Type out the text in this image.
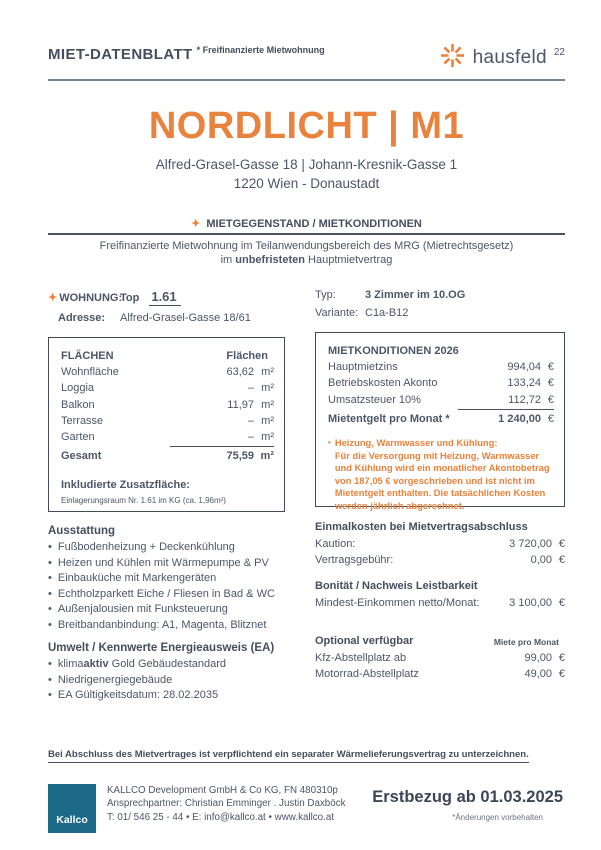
MIET-DATENBLATT $^{* Freifinanzierte Mietwohnung}$	hausfeld 22
NORDLICHT | M1
Alfred-Grasel-Gasse 18 | Johann-Kresnik-Gasse 1
1220 Wien - Donaustadt
✦ MIETGEGENSTAND / MIETKONDITIONEN
Freifinanzierte Mietwohnung im Teilanwendungsbereich des MRG (Mietrechtsgesetz)
im unbefristeten Hauptmietvertrag
✦ WOHNUNG:
Top 1.61
Adresse:	Alfred-Grasel-Gasse 18/61
FLÄCHEN	Flächen
Wohnfläche	63,62 m²
Loggia	– m²
Balkon	11,97 m²
Terrasse	– m²
Garten	– m²
Gesamt	75,59 m²
Inkludierte Zusatzfläche:
Einlagerungsraum Nr. 1.61 im KG (ca. 1,96m²)
Ausstattung
• Fußbodenheizung + Deckenkühlung
• Heizen und Kühlen mit Wärmepumpe & PV
• Einbauküche mit Markengeräten
• Echtholzparkett Eiche / Fliesen in Bad & WC
• Außenjalousien mit Funksteuerung
• Breitbandanbindung: A1, Magenta, Blitznet
Umwelt / Kennwerte Energieausweis (EA)
• klimaaktiv Gold Gebäudestandard
• Niedrigenergiegebäude
• EA Gültigkeitsdatum: 28.02.2035
Typ:	3 Zimmer im 10.OG
Variante: C1a-B12
MIETKONDITIONEN 2026
Hauptmietzins	994,04 €
Betriebskosten Akonto	133,24 €
Umsatzsteuer 10%	112,72 €
Mietentgelt pro Monat *	1 240,00 €
• Heizung, Warmwasser und Kühlung:
Für die Versorgung mit Heizung, Warmwasser und Kühlung wird ein monatlicher Akontobetrag von 187,05 € vorgeschrieben und ist nicht im Mietentgelt enthalten. Die tatsächlichen Kosten werden jährlich abgerechnet.
Einmalkosten bei Mietvertragsabschluss
Kaution:	3 720,00 €
Vertragsgebühr:	0,00 €
Bonität / Nachweis Leistbarkeit
Mindest-Einkommen netto/Monat:	3 100,00 €
Optional verfügbar	Miete pro Monat
Kfz-Abstellplatz ab	99,00 €
Motorrad-Abstellplatz	49,00 €
Bei Abschluss des Mietvertrages ist verpflichtend ein separater Wärmelieferungsvertrag zu unterzeichnen.
Kallco
KALLCO Development GmbH & Co KG, FN 480310p
Ansprechpartner: Christian Emminger . Justin Daxböck
T: 01/ 546 25 - 44 • E: info@kallco.at • www.kallco.at
Erstbezug ab 01.03.2025
*Änderungen vorbehalten
